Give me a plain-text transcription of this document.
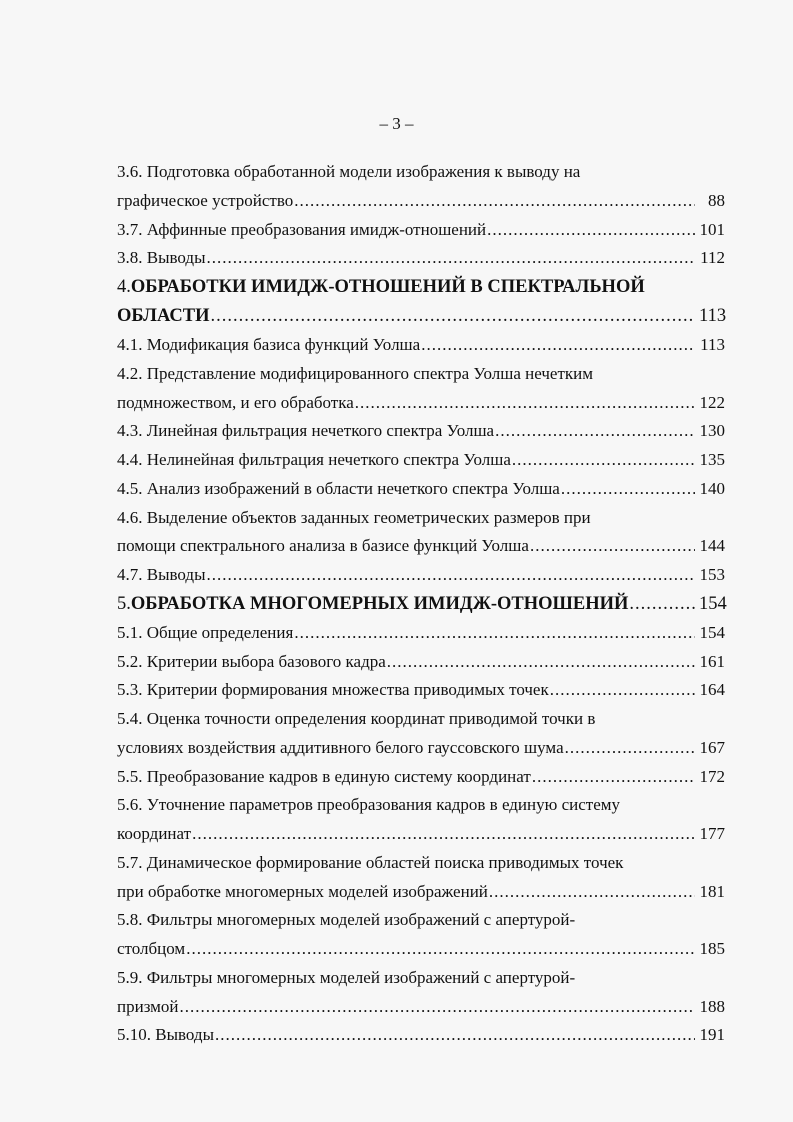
– 3 –
3.6. Подготовка обработанной модели изображения к выводу на
графическое устройство .....	88
3.7. Аффинные преобразования имидж-отношений .....	101
3.8. Выводы .....	112
4. ОБРАБОТКИ ИМИДЖ-ОТНОШЕНИЙ В СПЕКТРАЛЬНОЙ
ОБЛАСТИ .....	113
4.1. Модификация базиса функций Уолша .....	113
4.2. Представление модифицированного спектра Уолша нечетким
подмножеством, и его обработка .....	122
4.3. Линейная фильтрация нечеткого спектра Уолша .....	130
4.4. Нелинейная фильтрация нечеткого спектра Уолша .....	135
4.5. Анализ изображений в области нечеткого спектра Уолша .....	140
4.6. Выделение объектов заданных геометрических размеров при
помощи спектрального анализа в базисе функций Уолша .....	144
4.7. Выводы .....	153
5. ОБРАБОТКА МНОГОМЕРНЫХ ИМИДЖ-ОТНОШЕНИЙ .....	154
5.1. Общие определения .....	154
5.2. Критерии выбора базового кадра .....	161
5.3. Критерии формирования множества приводимых точек .....	164
5.4. Оценка точности определения координат приводимой точки в
условиях воздействия аддитивного белого гауссовского шума .....	167
5.5. Преобразование кадров в единую систему координат .....	172
5.6. Уточнение параметров преобразования кадров в единую систему
координат .....	177
5.7. Динамическое формирование областей поиска приводимых точек
при обработке многомерных моделей изображений .....	181
5.8. Фильтры многомерных моделей изображений с апертурой-
столбцом .....	185
5.9. Фильтры многомерных моделей изображений с апертурой-
призмой .....	188
5.10. Выводы .....	191
